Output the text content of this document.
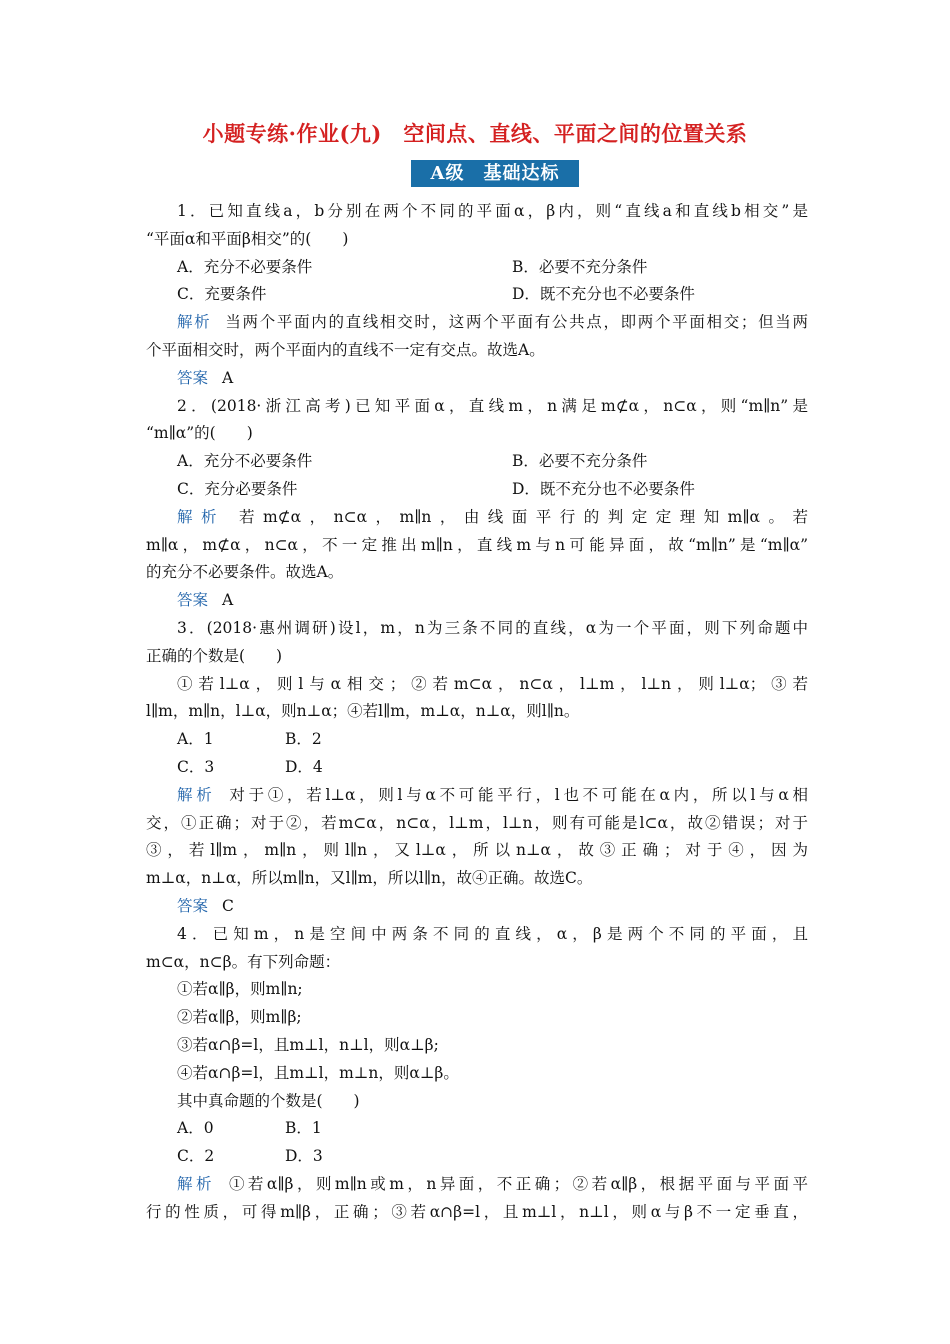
小题专练·作业(九)　空间点、直线、平面之间的位置关系
A级　基础达标
1．已知直线a，b分别在两个不同的平面α，β内，则“直线a和直线b相交”是
“平面α和平面β相交”的(　　)
A．充分不必要条件	B．必要不充分条件
C．充要条件	D．既不充分也不必要条件
解析 当两个平面内的直线相交时，这两个平面有公共点，即两个平面相交；但当两
个平面相交时，两个平面内的直线不一定有交点。故选A。
答案 A
2．(2018·浙江高考)已知平面α，直线m，n满足m⊄α，n⊂α，则“m∥n”是
“m∥α”的(　　)
A．充分不必要条件	B．必要不充分条件
C．充分必要条件	D．既不充分也不必要条件
解析 若m⊄α，n⊂α，m∥n，由线面平行的判定定理知m∥α。若
m∥α，m⊄α，n⊂α，不一定推出m∥n，直线m与n可能异面，故“m∥n”是“m∥α”
的充分不必要条件。故选A。
答案 A
3．(2018·惠州调研)设l，m，n为三条不同的直线，α为一个平面，则下列命题中
正确的个数是(　　)
①若l⊥α，则l与α相交；②若m⊂α，n⊂α，l⊥m，l⊥n，则l⊥α；③若
l∥m，m∥n，l⊥α，则n⊥α；④若l∥m，m⊥α，n⊥α，则l∥n。
A．1	B．2
C．3	D．4
解析 对于①，若l⊥α，则l与α不可能平行，l也不可能在α内，所以l与α相
交，①正确；对于②，若m⊂α，n⊂α，l⊥m，l⊥n，则有可能是l⊂α，故②错误；对于
③，若l∥m，m∥n，则l∥n，又l⊥α，所以n⊥α，故③正确；对于④，因为
m⊥α，n⊥α，所以m∥n，又l∥m，所以l∥n，故④正确。故选C。
答案 C
4．已知m，n是空间中两条不同的直线，α，β是两个不同的平面，且
m⊂α，n⊂β。有下列命题：
①若α∥β，则m∥n;
②若α∥β，则m∥β;
③若α∩β=l，且m⊥l，n⊥l，则α⊥β;
④若α∩β=l，且m⊥l，m⊥n，则α⊥β。
其中真命题的个数是(　　)
A．0	B．1
C．2	D．3
解析 ①若α∥β，则m∥n或m，n异面，不正确；②若α∥β，根据平面与平面平
行的性质，可得m∥β，正确；③若α∩β=l，且m⊥l，n⊥l，则α与β不一定垂直，
